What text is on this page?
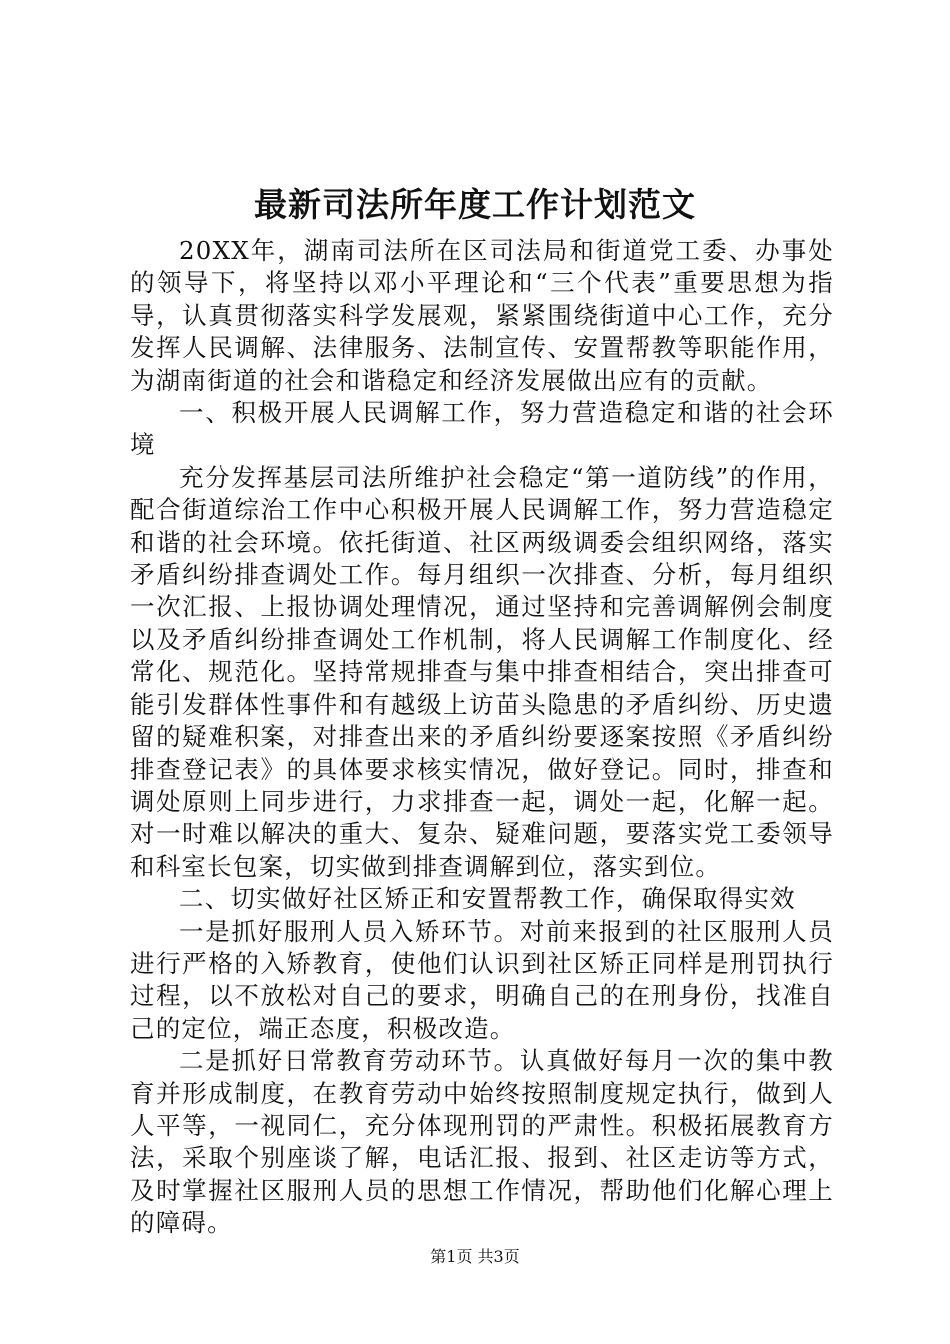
最新司法所年度工作计划范文

20XX年，湖南司法所在区司法局和街道党工委、办事处的领导下，将坚持以邓小平理论和“三个代表”重要思想为指导，认真贯彻落实科学发展观，紧紧围绕街道中心工作，充分发挥人民调解、法律服务、法制宣传、安置帮教等职能作用，为湖南街道的社会和谐稳定和经济发展做出应有的贡献。

一、积极开展人民调解工作，努力营造稳定和谐的社会环境

充分发挥基层司法所维护社会稳定“第一道防线”的作用，配合街道综治工作中心积极开展人民调解工作，努力营造稳定和谐的社会环境。依托街道、社区两级调委会组织网络，落实矛盾纠纷排查调处工作。每月组织一次排查、分析，每月组织一次汇报、上报协调处理情况，通过坚持和完善调解例会制度以及矛盾纠纷排查调处工作机制，将人民调解工作制度化、经常化、规范化。坚持常规排查与集中排查相结合，突出排查可能引发群体性事件和有越级上访苗头隐患的矛盾纠纷、历史遗留的疑难积案，对排查出来的矛盾纠纷要逐案按照《矛盾纠纷排查登记表》的具体要求核实情况，做好登记。同时，排查和调处原则上同步进行，力求排查一起，调处一起，化解一起。对一时难以解决的重大、复杂、疑难问题，要落实党工委领导和科室长包案，切实做到排查调解到位，落实到位。

二、切实做好社区矫正和安置帮教工作，确保取得实效

一是抓好服刑人员入矫环节。对前来报到的社区服刑人员进行严格的入矫教育，使他们认识到社区矫正同样是刑罚执行过程，以不放松对自己的要求，明确自己的在刑身份，找准自己的定位，端正态度，积极改造。

二是抓好日常教育劳动环节。认真做好每月一次的集中教育并形成制度，在教育劳动中始终按照制度规定执行，做到人人平等，一视同仁，充分体现刑罚的严肃性。积极拓展教育方法，采取个别座谈了解，电话汇报、报到、社区走访等方式，及时掌握社区服刑人员的思想工作情况，帮助他们化解心理上的障碍。

第1页 共3页
